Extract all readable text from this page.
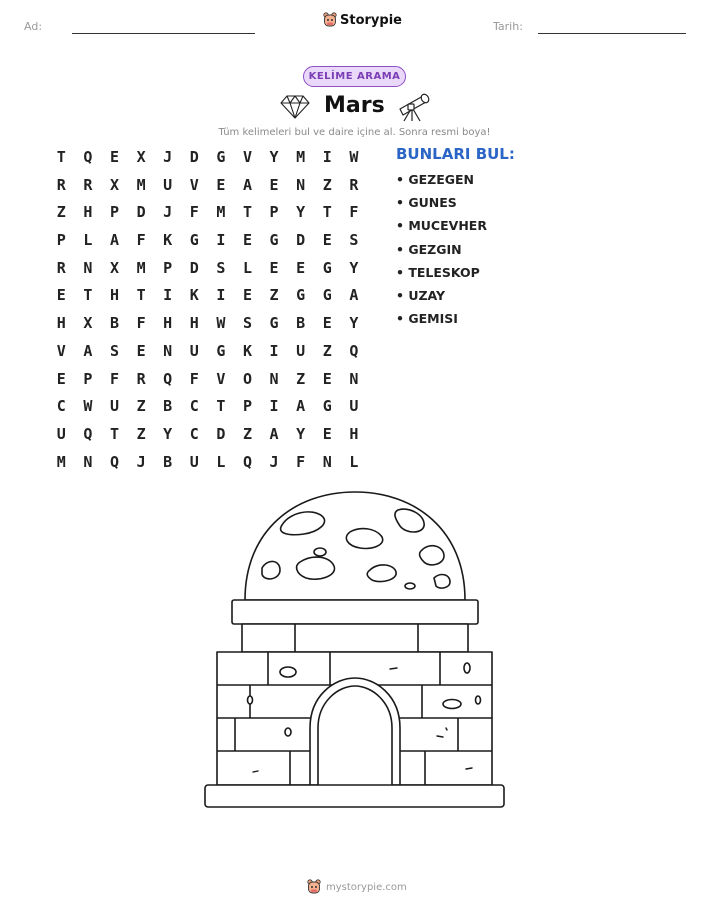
Ad:	Storypie	Tarih:
KELİME ARAMA
Mars
Tüm kelimeleri bul ve daire içine al. Sonra resmi boya!
T	Q	E	X	J	D	G	V	Y	M	I	W
R	R	X	M	U	V	E	A	E	N	Z	R
Z	H	P	D	J	F	M	T	P	Y	T	F
P	L	A	F	K	G	I	E	G	D	E	S
R	N	X	M	P	D	S	L	E	E	G	Y
E	T	H	T	I	K	I	E	Z	G	G	A
H	X	B	F	H	H	W	S	G	B	E	Y
V	A	S	E	N	U	G	K	I	U	Z	Q
E	P	F	R	Q	F	V	O	N	Z	E	N
C	W	U	Z	B	C	T	P	I	A	G	U
U	Q	T	Z	Y	C	D	Z	A	Y	E	H
M	N	Q	J	B	U	L	Q	J	F	N	L
BUNLARI BUL:
• GEZEGEN
• GUNES
• MUCEVHER
• GEZGIN
• TELESKOP
• UZAY
• GEMISI
mystorypie.com
